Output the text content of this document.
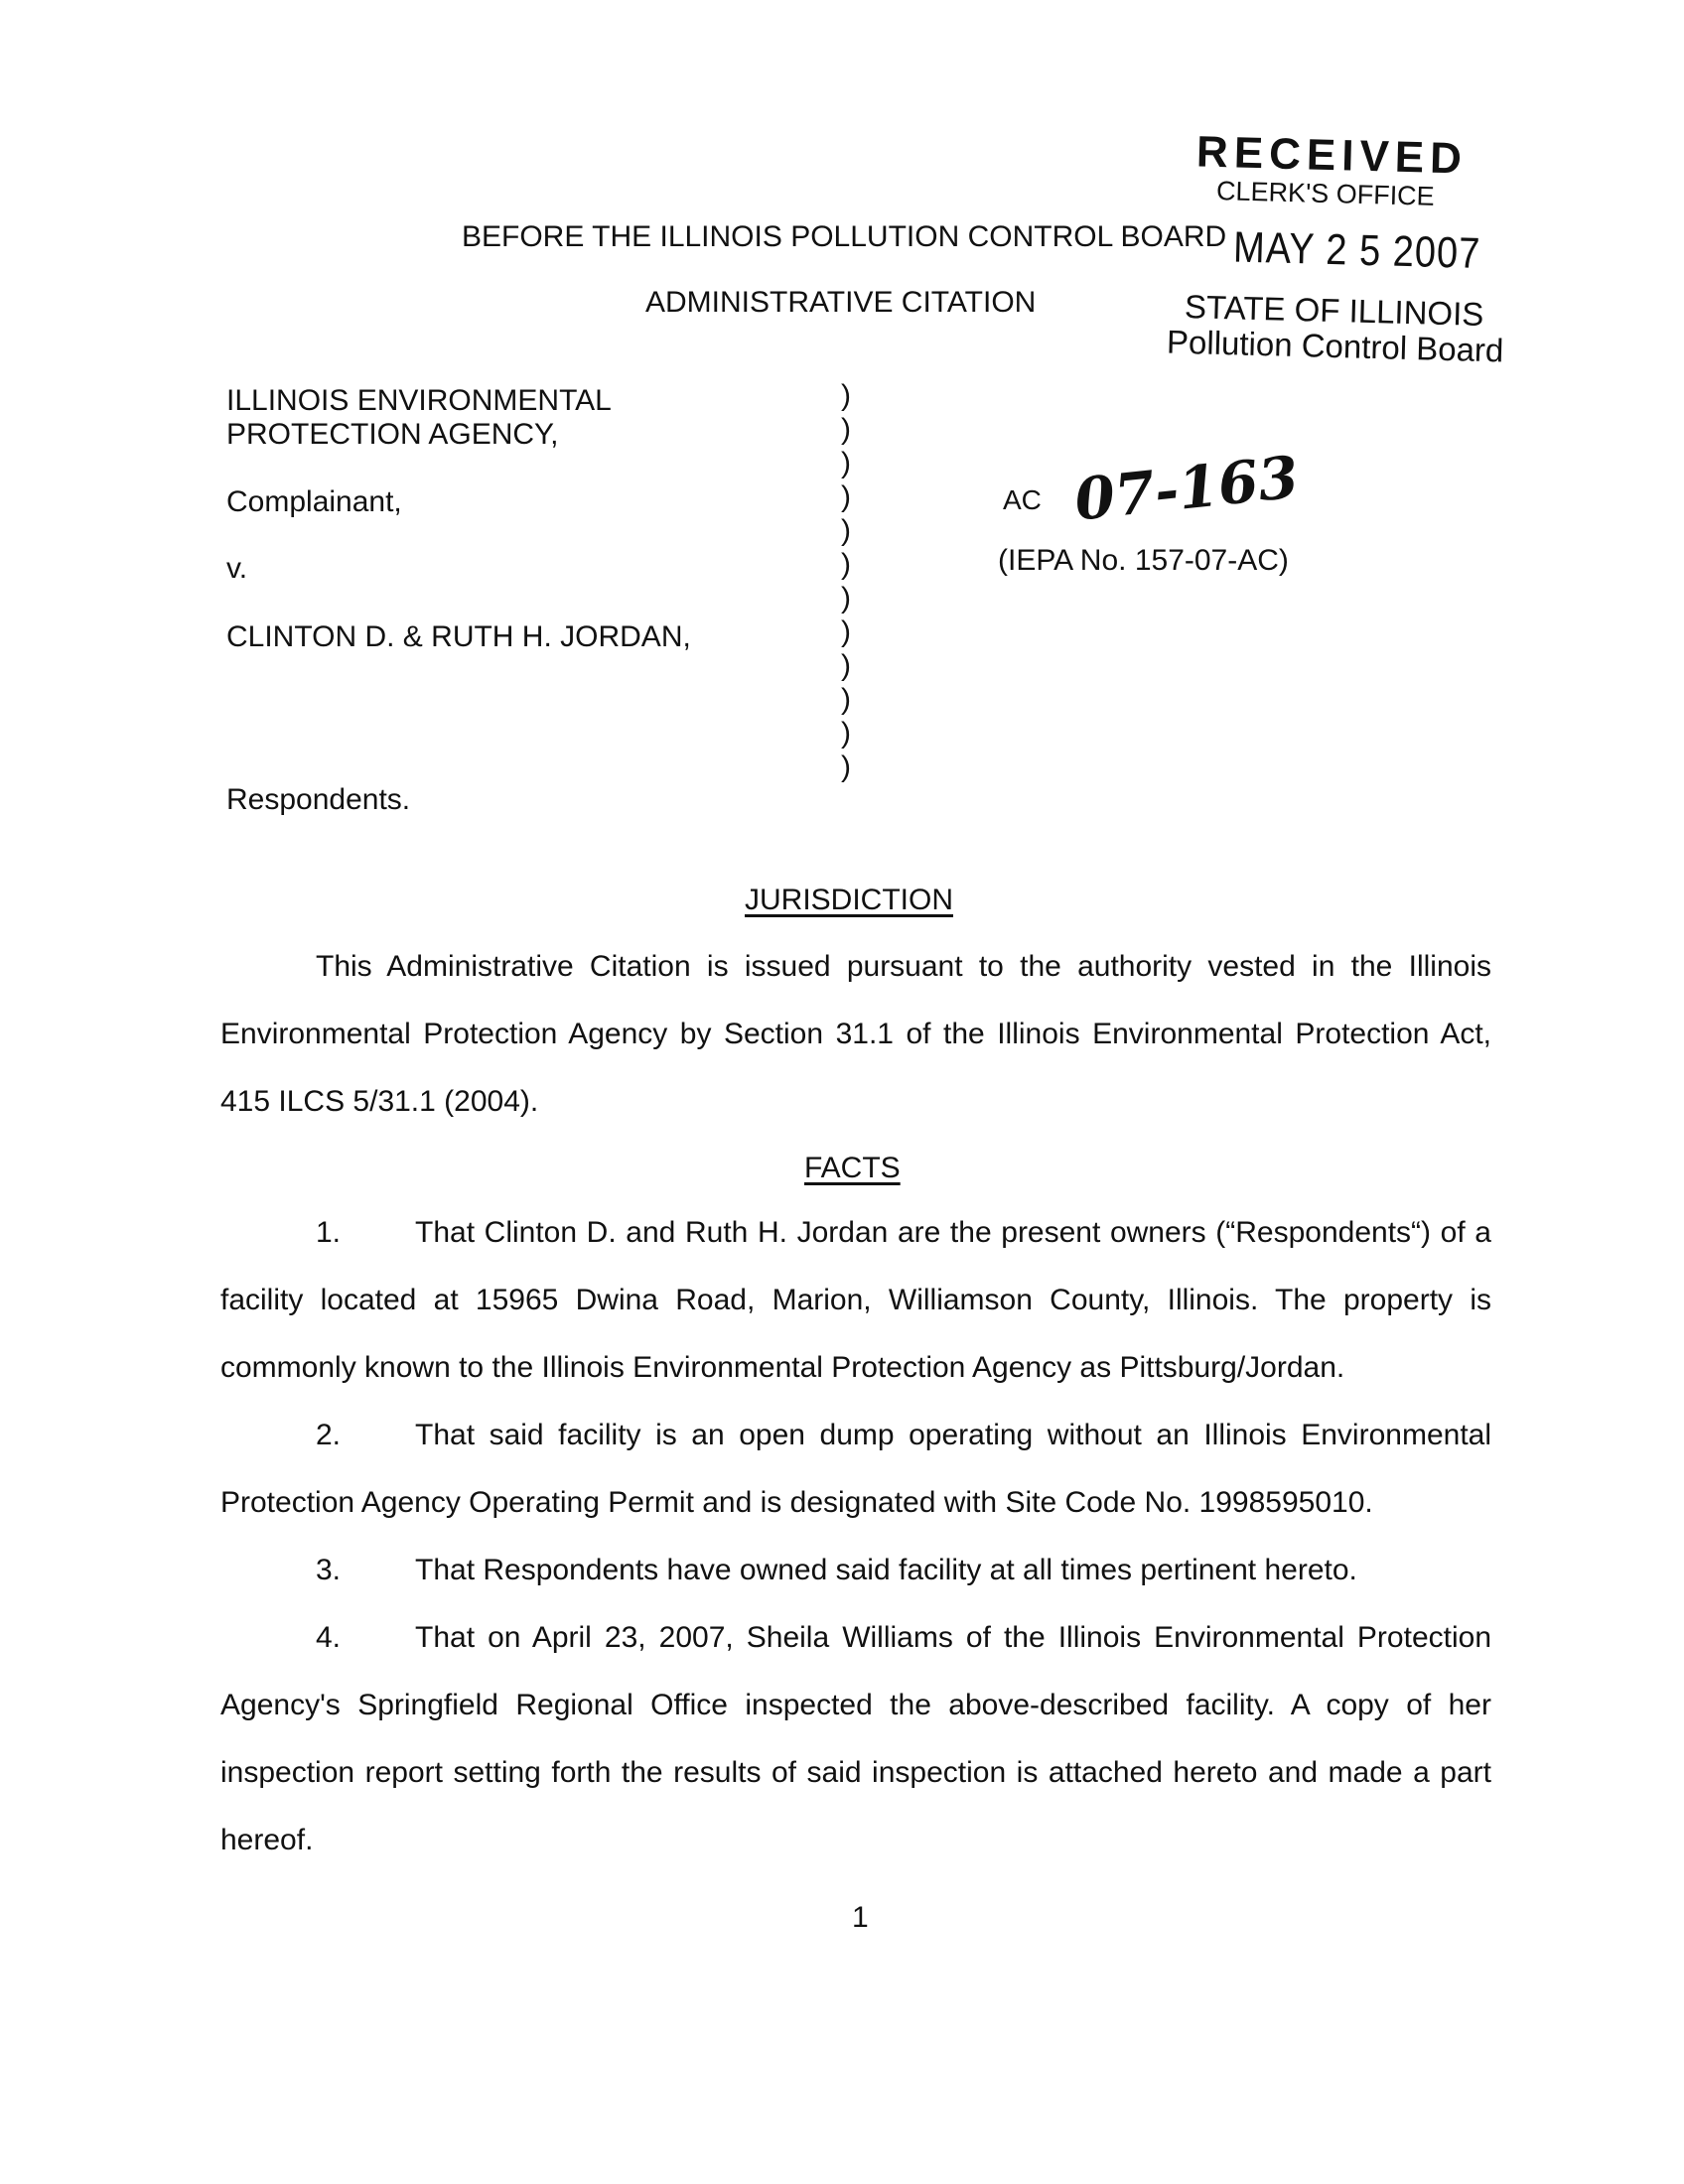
RECEIVED
CLERK'S OFFICE
MAY 2 5 2007
STATE OF ILLINOIS
Pollution Control Board
BEFORE THE ILLINOIS POLLUTION CONTROL BOARD
ADMINISTRATIVE CITATION
ILLINOIS ENVIRONMENTAL
PROTECTION AGENCY,
Complainant,
v.
CLINTON D. & RUTH H. JORDAN,
Respondents.
)
)
)
)
)
)
)
)
)
)
)
)
AC 07-163
(IEPA No. 157-07-AC)
JURISDICTION
This Administrative Citation is issued pursuant to the authority vested in the Illinois Environmental Protection Agency by Section 31.1 of the Illinois Environmental Protection Act, 415 ILCS 5/31.1 (2004).
FACTS
1. That Clinton D. and Ruth H. Jordan are the present owners (“Respondents“) of a facility located at 15965 Dwina Road, Marion, Williamson County, Illinois. The property is commonly known to the Illinois Environmental Protection Agency as Pittsburg/Jordan.
2. That said facility is an open dump operating without an Illinois Environmental Protection Agency Operating Permit and is designated with Site Code No. 1998595010.
3. That Respondents have owned said facility at all times pertinent hereto.
4. That on April 23, 2007, Sheila Williams of the Illinois Environmental Protection Agency's Springfield Regional Office inspected the above-described facility. A copy of her inspection report setting forth the results of said inspection is attached hereto and made a part hereof.
1
